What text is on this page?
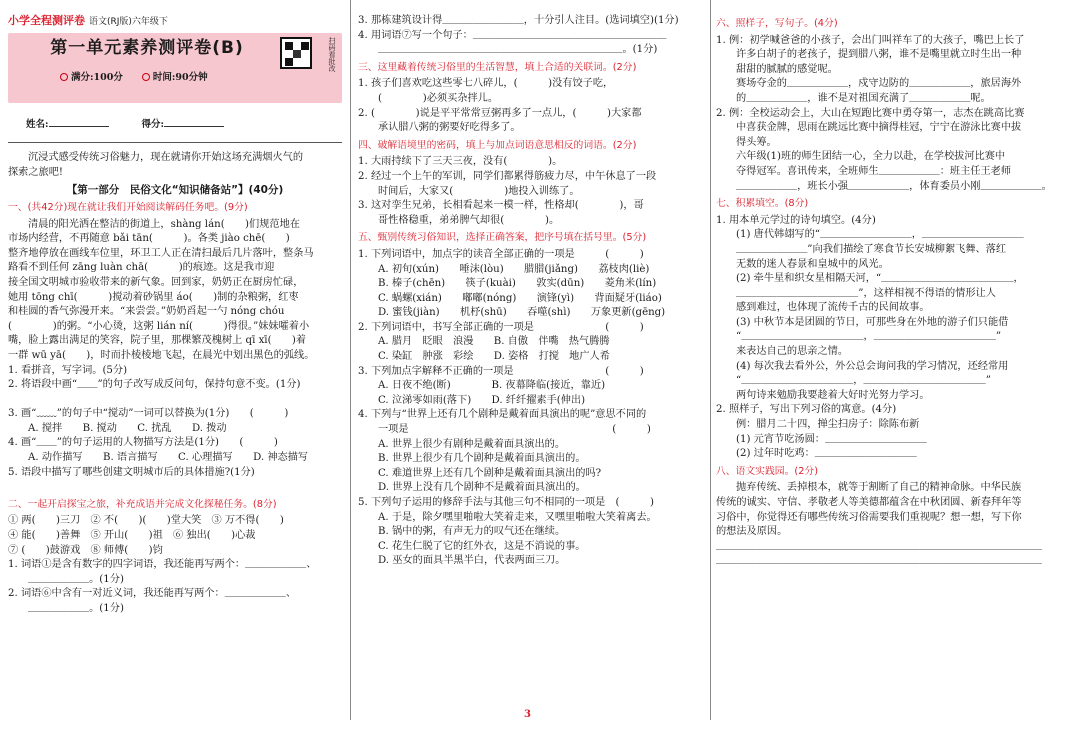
小学全程测评卷 语文(RJ版)六年级下
第一单元素养测评卷(B)
满分:100分	时间:90分钟
扫码看批改
姓名:	得分:
沉浸式感受传统习俗魅力，现在就请你开始这场充满烟火气的
探索之旅吧!
【第一部分　民俗文化“知识储备站”】(40分)
一、(共42分)现在就让我们开始阅读解码任务吧。(9分)
清晨的阳光洒在整洁的街道上，shàng lán(　　)们规范地在
市场内经营，不再随意 bǎi tān(　　　)。各类 jiào chē(　　)
整齐地停放在画线车位里，环卫工人正在清扫最后几片落叶，整条马
路看不到任何 zāng luàn chā(　　　)的痕迹。这是我市迎
接全国文明城市验收带来的新气象。回到家，奶奶正在厨房忙碌，
她用 tōng chī(　　　)搅动着砂锅里 áo(　　)制的杂粮粥，红枣
和桂圆的香气弥漫开来。“来尝尝。”奶奶舀起一勺 nóng chóu
(　　　　)的粥。“小心烫，这粥 lián ní(　　　)得很。”妹妹嚯着小
嘴，脸上露出满足的笑容，院子里，那棵繁茂槐树上 qī xī(　　)着
一群 wū yā(　　)，时而扑棱棱地飞起，在晨光中划出黑色的弧线。
1. 看拼音，写字词。(5分)
2. 将语段中画“＿＿”的句子改写成反问句，保持句意不变。(1分)

3. 画“﹏﹏”的句子中“搅动”一词可以替换为(1分)　　(　　　)
A. 搅拌　　B. 搅动　　C. 扰乱　　D. 拨动
4. 画“＿＿”的句子运用的人物描写方法是(1分)　　(　　　)
A. 动作描写　　B. 语言描写　　C. 心理描写　　D. 神态描写
5. 语段中描写了哪些创建文明城市后的具体措施?(1分)

二、一起开启探宝之旅，补充成语并完成文化探秘任务。(8分)
① 两(　　)三刀　② 不(　　)(　　)堂大笑　③ 万不得(　　)
④ 能(　　)善舞　⑤ 开山(　　)祖　⑥ 独出(　　)心裁
⑦ (　　)鼓游戏　⑧ 师傅(　　)钧
1. 词语①是含有数字的四字词语，我还能再写两个：＿＿＿＿＿＿、
＿＿＿＿＿＿。(1分)
2. 词语⑥中含有一对近义词，我还能再写两个：＿＿＿＿＿＿、
＿＿＿＿＿＿。(1分)
3. 那栋建筑设计得＿＿＿＿＿＿＿＿，十分引人注目。(选词填空)(1分)
4. 用词语⑦写一个句子：＿＿＿＿＿＿＿＿＿＿＿＿＿＿＿＿＿＿＿
＿＿＿＿＿＿＿＿＿＿＿＿＿＿＿＿＿＿＿＿＿＿＿＿。(1分)
三、这里藏着传统习俗里的生活智慧，填上合适的关联词。(2分)
1. 孩子们喜欢吃这些零七八碎儿，(　　　)没有饺子吃，
(　　　　)必须买杂拌儿。
2. (　　　　)说是平平常常豆粥再多了一点儿，(　　　)大家都
承认腊八粥的粥要好吃得多了。
四、破解语境里的密码，填上与加点词语意思相反的词语。(2分)
1. 大雨持续下了三天三夜，没有(　　　　)。
2. 经过一个上午的军训，同学们都累得筋疲力尽，中午休息了一段
时间后，大家又(　　　　　)地投入训练了。
3. 这对孪生兄弟，长相看起来一模一样，性格却(　　　　)，哥
哥性格稳重，弟弟脾气却很(　　　　)。
五、甄别传统习俗知识，选择正确答案，把序号填在括号里。(5分)
1. 下列词语中，加点字的读音全部正确的一项是　　　(　　　)
A. 初旬(xún)　　唾沫(lòu)　　腊腊(jiǎng)　　荔枝肉(liè)
B. 榛子(chēn)　　筷子(kuài)　　敦实(dūn)　　菱角米(lín)
C. 蜗螺(xián)　　嘟嘟(nóng)　　演锋(yì)　　背面疑牙(liáo)
D. 蜜钱(jiàn)　　机杼(shū)　　吞噬(shì)　　万象更新(gēng)
2. 下列词语中，书写全部正确的一项是　　　　　　　(　　　)
A. 腊月　眨眼　浪漫　　B. 自傲　伴嘴　热气腾腾
C. 染缸　肿涨　彩绘　　D. 姿格　打搅　地广人希
3. 下列加点字解释不正确的一项是　　　　　　　　　(　　　)
A. 日夜不绝(断)　　　　B. 夜幕降临(接近，靠近)
C. 泣涕零如雨(落下)　　D. 纤纤擢素手(伸出)
4. 下列与“世界上还有几个剧种是戴着面具演出的呢”意思不同的
一项是　　　　　　　　　　　　　　　　　　　　(　　　)
A. 世界上很少有剧种是戴着面具演出的。
B. 世界上很少有几个剧种是戴着面具演出的。
C. 难道世界上还有几个剧种是戴着面具演出的吗?
D. 世界上没有几个剧种不是戴着面具演出的。
5. 下列句子运用的修辞手法与其他三句不相同的一项是　(　　　)
A. 于是，除夕嘿里啪啦大笑着走来，又嘿里啪啦大笑着离去。
B. 锅中的粥，有声无力的叹气还在继续。
C. 花生仁脱了它的红外衣，这是不消说的事。
D. 巫女的面具半黑半白，代表两面三刀。
六、照样子，写句子。(4分)
1. 例：初学喊爸爸的小孩子，会出门叫祥车了的大孩子，嘴巴上长了
许多白胡子的老孩子，提到腊八粥，谁不是嘴里就立时生出一种
甜甜的腻腻的感觉呢。
赛场夺金的＿＿＿＿＿＿，戍守边防的＿＿＿＿＿＿，旅居海外
的＿＿＿＿＿＿，谁不是对祖国充满了＿＿＿＿＿＿呢。
2. 例：全校运动会上，大山在短跑比赛中勇夺第一，志杰在跳高比赛
中喜获金牌，思雨在跳远比赛中摘得桂冠，宁宁在游泳比赛中拔
得头筹。
六年级(1)班的师生团结一心，全力以赴，在学校拔河比赛中
夺得冠军。喜讯传来，全班师生＿＿＿＿＿＿：班主任王老师
＿＿＿＿＿＿，班长小强＿＿＿＿＿＿，体育委员小刚＿＿＿＿＿＿。
七、积累填空。(8分)
1. 用本单元学过的诗句填空。(4分)
(1) 唐代韩翃写的“＿＿＿＿＿＿＿＿＿，＿＿＿＿＿＿＿＿＿＿
＿＿＿＿＿＿＿”向我们描绘了寒食节长安城柳絮飞舞、落红
无数的迷人春景和皇城中的风光。
(2) 牵牛星和织女星相隔天河，“＿＿＿＿＿＿＿＿＿＿＿＿＿，
＿＿＿＿＿＿＿＿＿＿＿＿”，这样相视不得语的情形让人
感到难过，也体现了流传千古的民间故事。
(3) 中秋节本是团圆的节日，可那些身在外地的游子们只能借
“＿＿＿＿＿＿＿＿＿＿＿＿，＿＿＿＿＿＿＿＿＿＿＿＿”
来表达自己的思亲之情。
(4) 每次我去看外公，外公总会询问我的学习情况，还经常用
“＿＿＿＿＿＿＿＿＿＿＿，＿＿＿＿＿＿＿＿＿＿＿＿”
两句诗来勉励我要趁着大好时光努力学习。
2. 照样子，写出下列习俗的寓意。(4分)
例：腊月二十四，掸尘扫房子：除陈布新
(1) 元宵节吃汤圆：＿＿＿＿＿＿＿＿＿＿
(2) 过年时吃鸡：＿＿＿＿＿＿＿＿＿＿
八、语文实践园。(2分)
抛弃传统、丢掉根本，就等于割断了自己的精神命脉。中华民族
传统的诚实、守信、孝敬老人等美德都蕴含在中秋团圆、新春拜年等
习俗中，你觉得还有哪些传统习俗需要我们重视呢？想一想，写下你
的想法及原因。
＿＿＿＿＿＿＿＿＿＿＿＿＿＿＿＿＿＿＿＿＿＿＿＿＿＿＿＿＿＿＿＿
＿＿＿＿＿＿＿＿＿＿＿＿＿＿＿＿＿＿＿＿＿＿＿＿＿＿＿＿＿＿＿＿
3
